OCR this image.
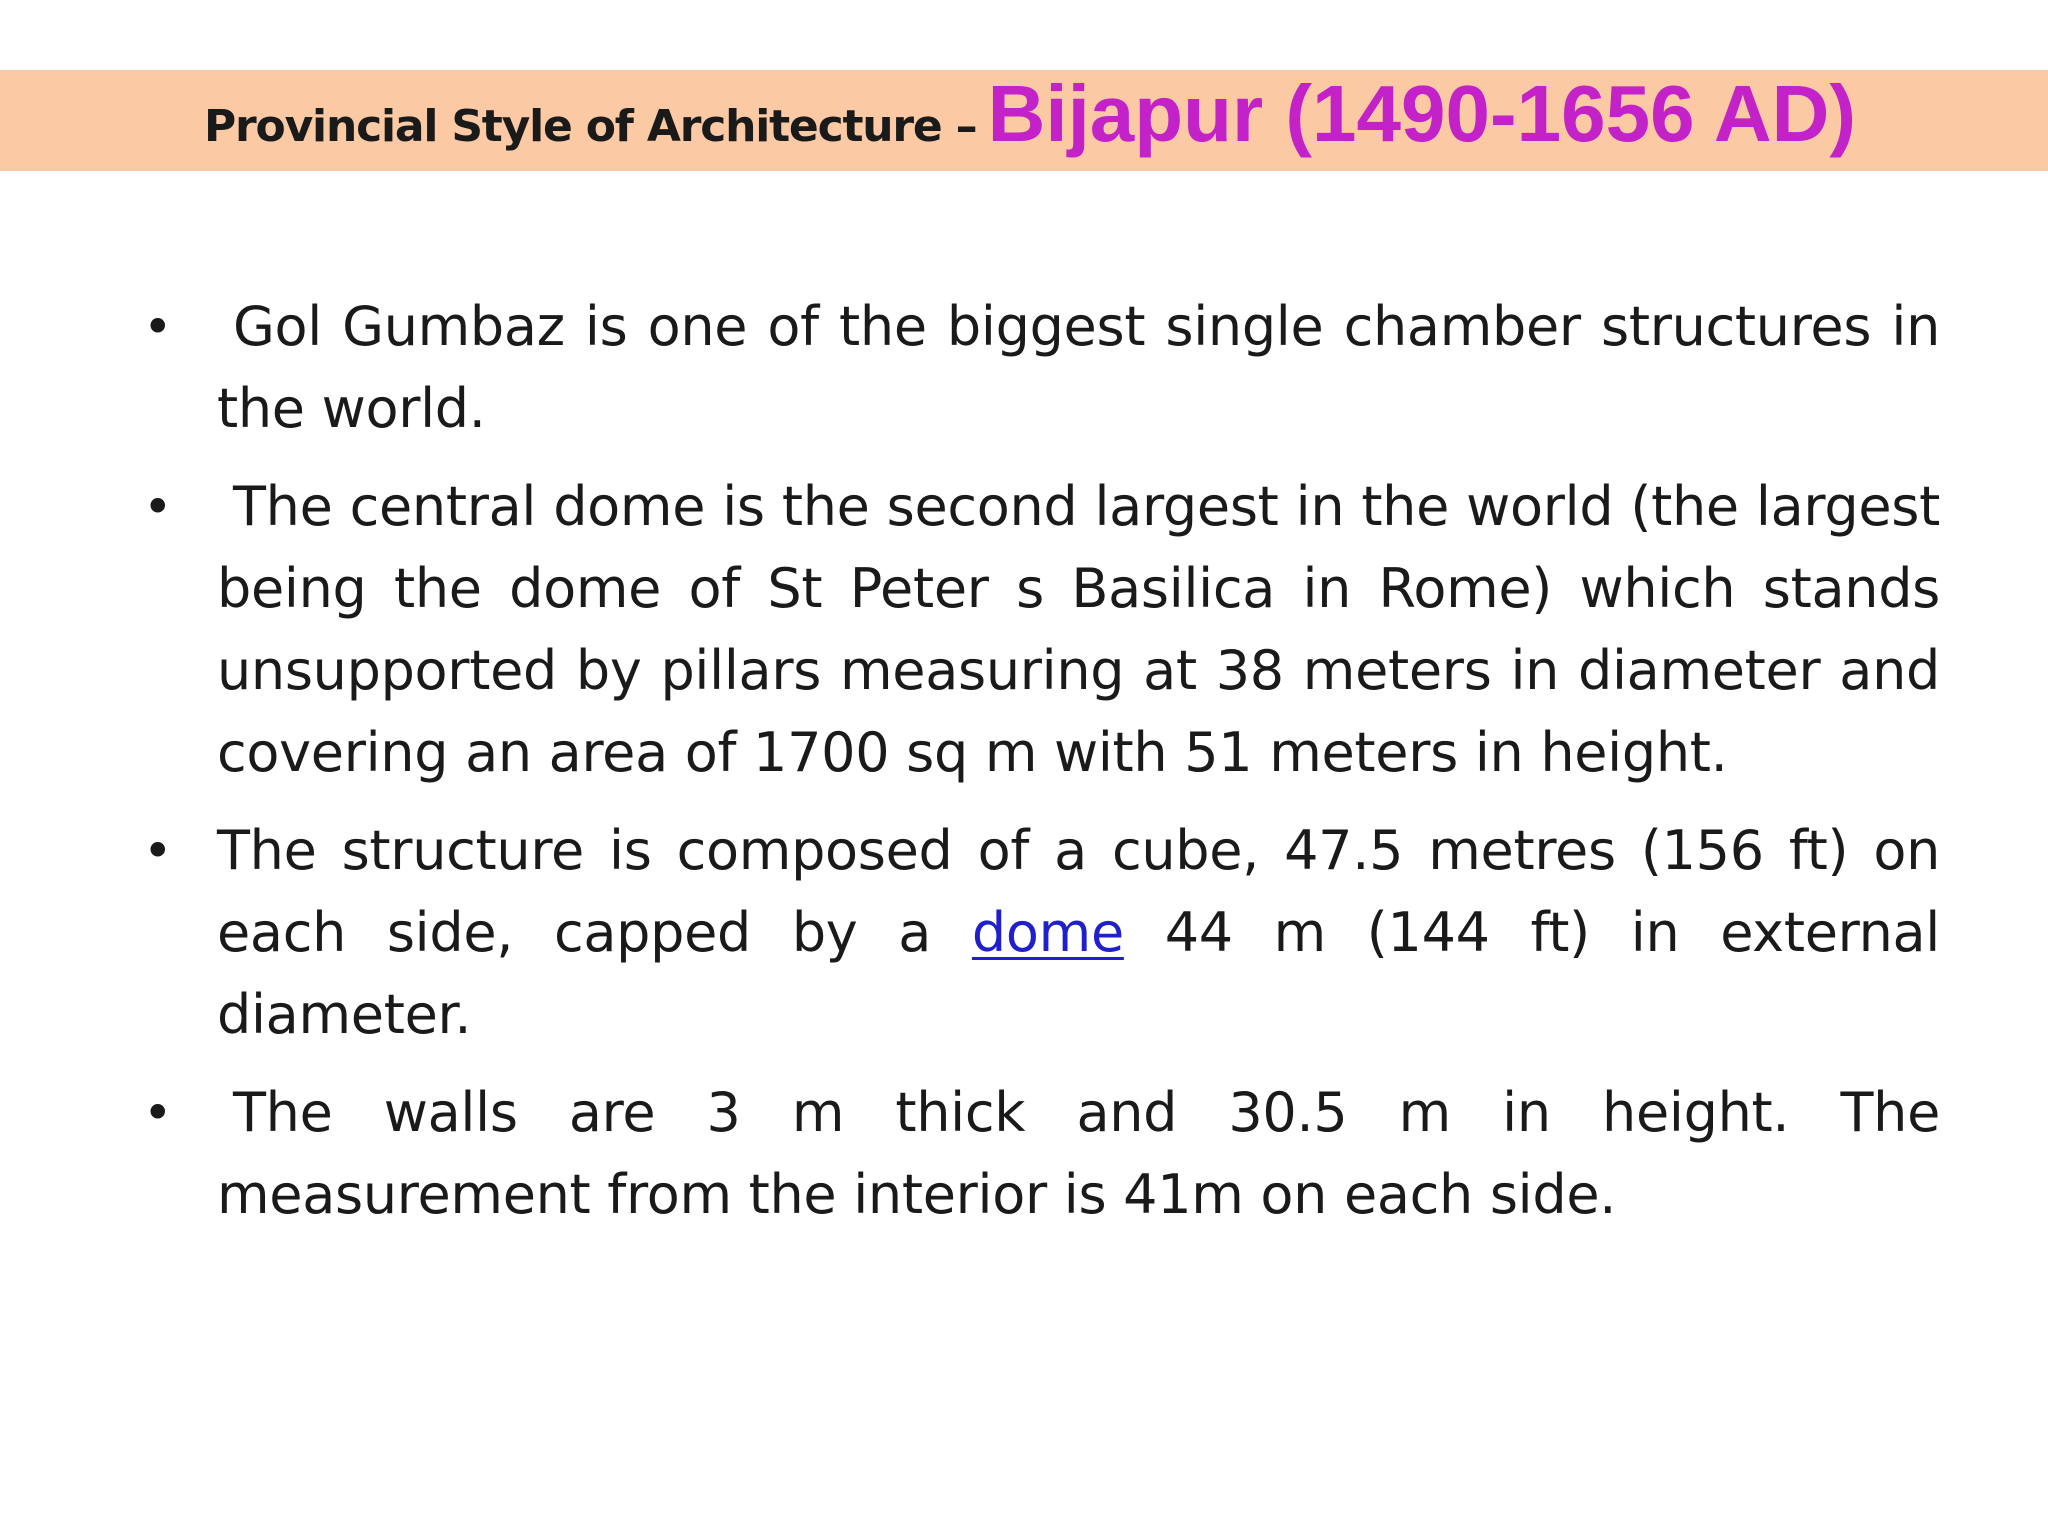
Provincial Style of Architecture – Bijapur (1490-1656 AD)
• Gol Gumbaz is one of the biggest single chamber structures in the world.
• The central dome is the second largest in the world (the largest being the dome of St Peter s Basilica in Rome) which stands unsupported by pillars measuring at 38 meters in diameter and covering an area of 1700 sq m with 51 meters in height.
• The structure is composed of a cube, 47.5 metres (156 ft) on each side, capped by a dome 44 m (144 ft) in external diameter.
• The walls are 3 m thick and 30.5 m in height. The measurement from the interior is 41m on each side.
